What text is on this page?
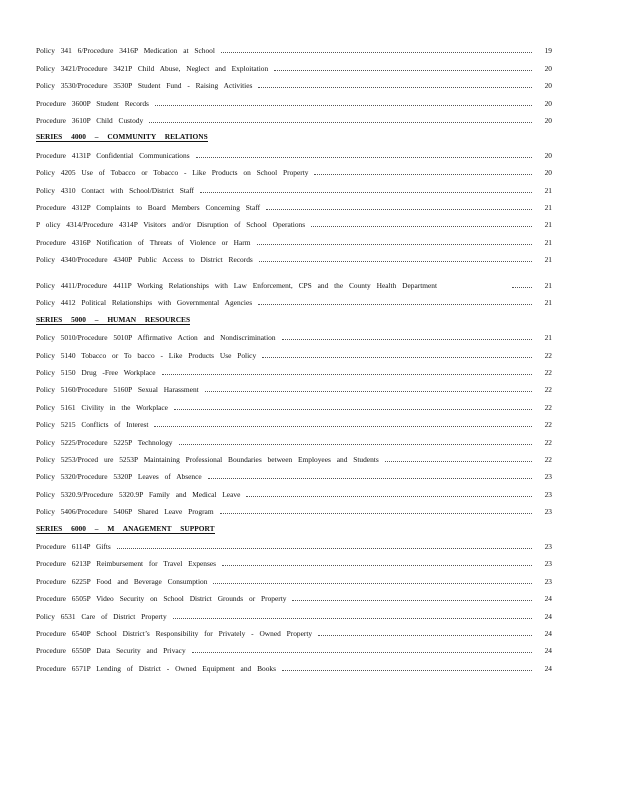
Policy 341 6/Procedure 3416P Medication at School	19
Policy 3421/Procedure 3421P Child Abuse, Neglect and Exploitation	20
Policy 3530/Procedure 3530P Student Fund - Raising Activities	20
Procedure 3600P Student Records	20
Procedure 3610P Child Custody	20
SERIES 4000 – COMMUNITY RELATIONS
Procedure 4131P Confidential Communications	20
Policy 4205 Use of Tobacco or Tobacco - Like Products on School Property	20
Policy 4310 Contact with School/District Staff	21
Procedure 4312P Complaints to Board Members Concerning Staff	21
P olicy 4314/Procedure 4314P Visitors and/or Disruption of School Operations	21
Procedure 4316P Notification of Threats of Violence or Harm	21
Policy 4340/Procedure 4340P Public Access to District Records	21
Policy 4411/Procedure 4411P Working Relationships with Law Enforcement, CPS and the County Health Department	21
Policy 4412 Political Relationships with Governmental Agencies	21
SERIES 5000 – HUMAN RESOURCES
Policy 5010/Procedure 5010P Affirmative Action and Nondiscrimination	21
Policy 5140 Tobacco or To bacco - Like Products Use Policy	22
Policy 5150 Drug -Free Workplace	22
Policy 5160/Procedure 5160P Sexual Harassment	22
Policy 5161 Civility in the Workplace	22
Policy 5215 Conflicts of Interest	22
Policy 5225/Procedure 5225P Technology	22
Policy 5253/Proced ure 5253P Maintaining Professional Boundaries between Employees and Students	22
Policy 5320/Procedure 5320P Leaves of Absence	23
Policy 5320.9/Procedure 5320.9P Family and Medical Leave	23
Policy 5406/Procedure 5406P Shared Leave Program	23
SERIES 6000 – M ANAGEMENT SUPPORT
Procedure 6114P Gifts	23
Procedure 6213P Reimbursement for Travel Expenses	23
Procedure 6225P Food and Beverage Consumption	23
Procedure 6505P Video Security on School District Grounds or Property	24
Policy 6531 Care of District Property	24
Procedure 6540P School District’s Responsibility for Privately - Owned Property	24
Procedure 6550P Data Security and Privacy	24
Procedure 6571P Lending of District - Owned Equipment and Books	24
